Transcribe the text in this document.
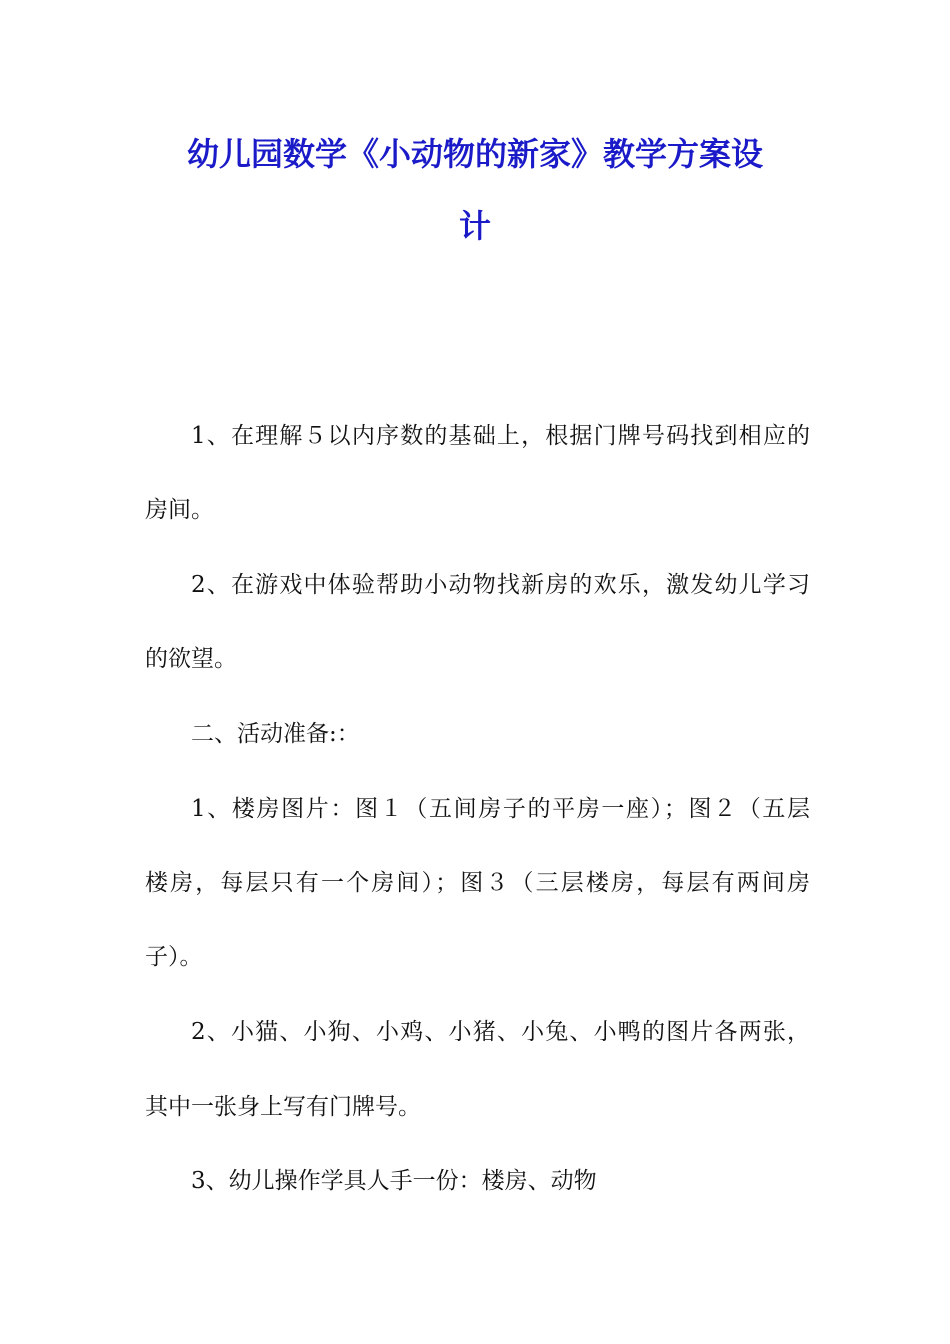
幼儿园数学《小动物的新家》教学方案设
计

1、在理解５以内序数的基础上，根据门牌号码找到相应的

房间。

2、在游戏中体验帮助小动物找新房的欢乐，激发幼儿学习

的欲望。

二、活动准备:：

1、楼房图片：图１（五间房子的平房一座）；图２（五层

楼房，每层只有一个房间）；图３（三层楼房，每层有两间房

子）。

2、小猫、小狗、小鸡、小猪、小兔、小鸭的图片各两张，

其中一张身上写有门牌号。

3、幼儿操作学具人手一份：楼房、动物
